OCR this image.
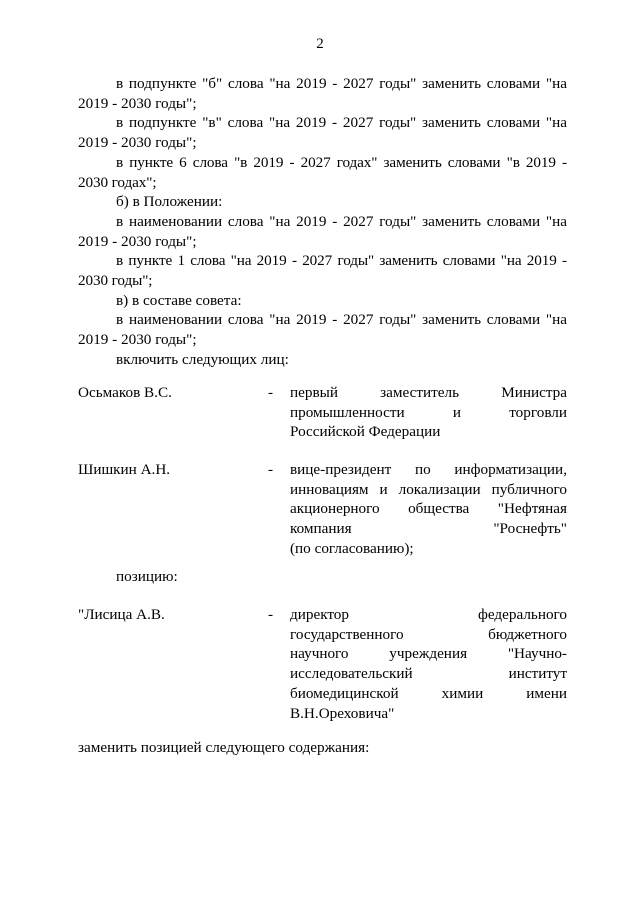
2

в подпункте "б" слова "на 2019 - 2027 годы" заменить словами "на 2019 - 2030 годы";

в подпункте "в" слова "на 2019 - 2027 годы" заменить словами "на 2019 - 2030 годы";

в пункте 6 слова "в 2019 - 2027 годах" заменить словами "в 2019 - 2030 годах";

б) в Положении:

в наименовании слова "на 2019 - 2027 годы" заменить словами "на 2019 - 2030 годы";

в пункте 1 слова "на 2019 - 2027 годы" заменить словами "на 2019 - 2030 годы";

в) в составе совета:

в наименовании слова "на 2019 - 2027 годы" заменить словами "на 2019 - 2030 годы";

включить следующих лиц:

Осьмаков В.С.	-	первый заместитель Министра
промышленности и торговли
Российской Федерации
Шишкин А.Н.	-	вице-президент по информатизации,
инновациям и локализации публичного
акционерного общества "Нефтяная
компания "Роснефть"
(по согласованию);
позицию:
"Лисица А.В.	-	директор федерального
государственного бюджетного
научного учреждения "Научно-
исследовательский институт
биомедицинской химии имени
В.Н.Ореховича"
заменить позицией следующего содержания:
